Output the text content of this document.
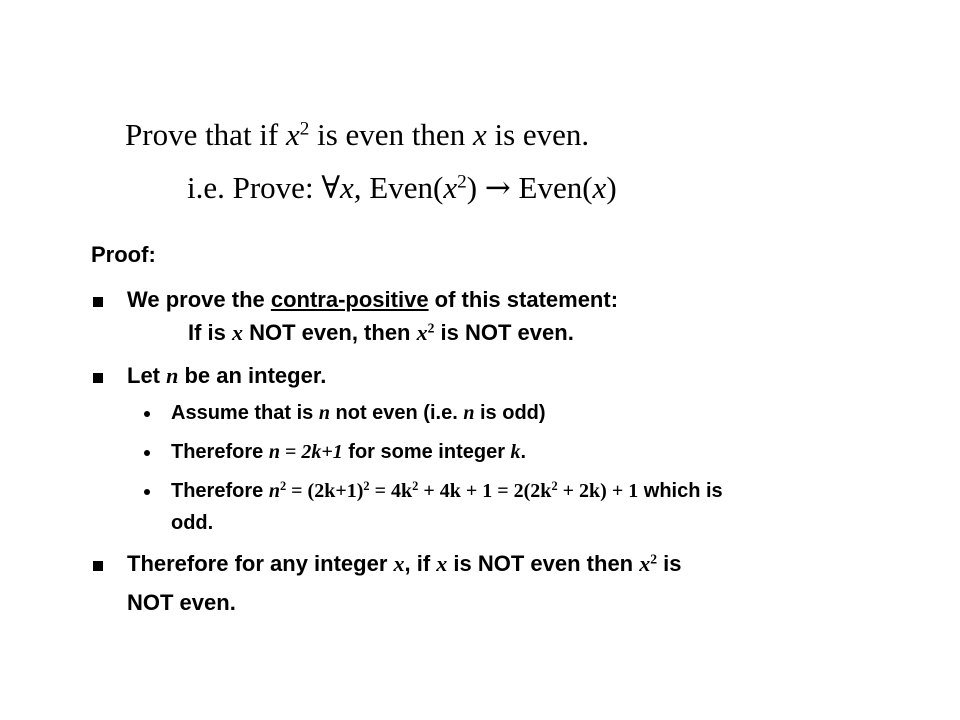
Prove that if $x^2$ is even then x is even.
i.e. Prove: ∀x, $Even(x^2)$ → Even(x)
Proof:
We prove the contra-positive of this statement:
If is x NOT even, then $x^2$ is NOT even.
Let n be an integer.
Assume that is n not even (i.e. n is odd)
Therefore n = 2k+1 for some integer k.
Therefore $n^2 = (2k+1)^2 = 4k^2 + 4k + 1 = 2(2k^2 + 2k) + 1$ which is
odd.
Therefore for any integer x, if x is NOT even then $x^2$ is
NOT even.
